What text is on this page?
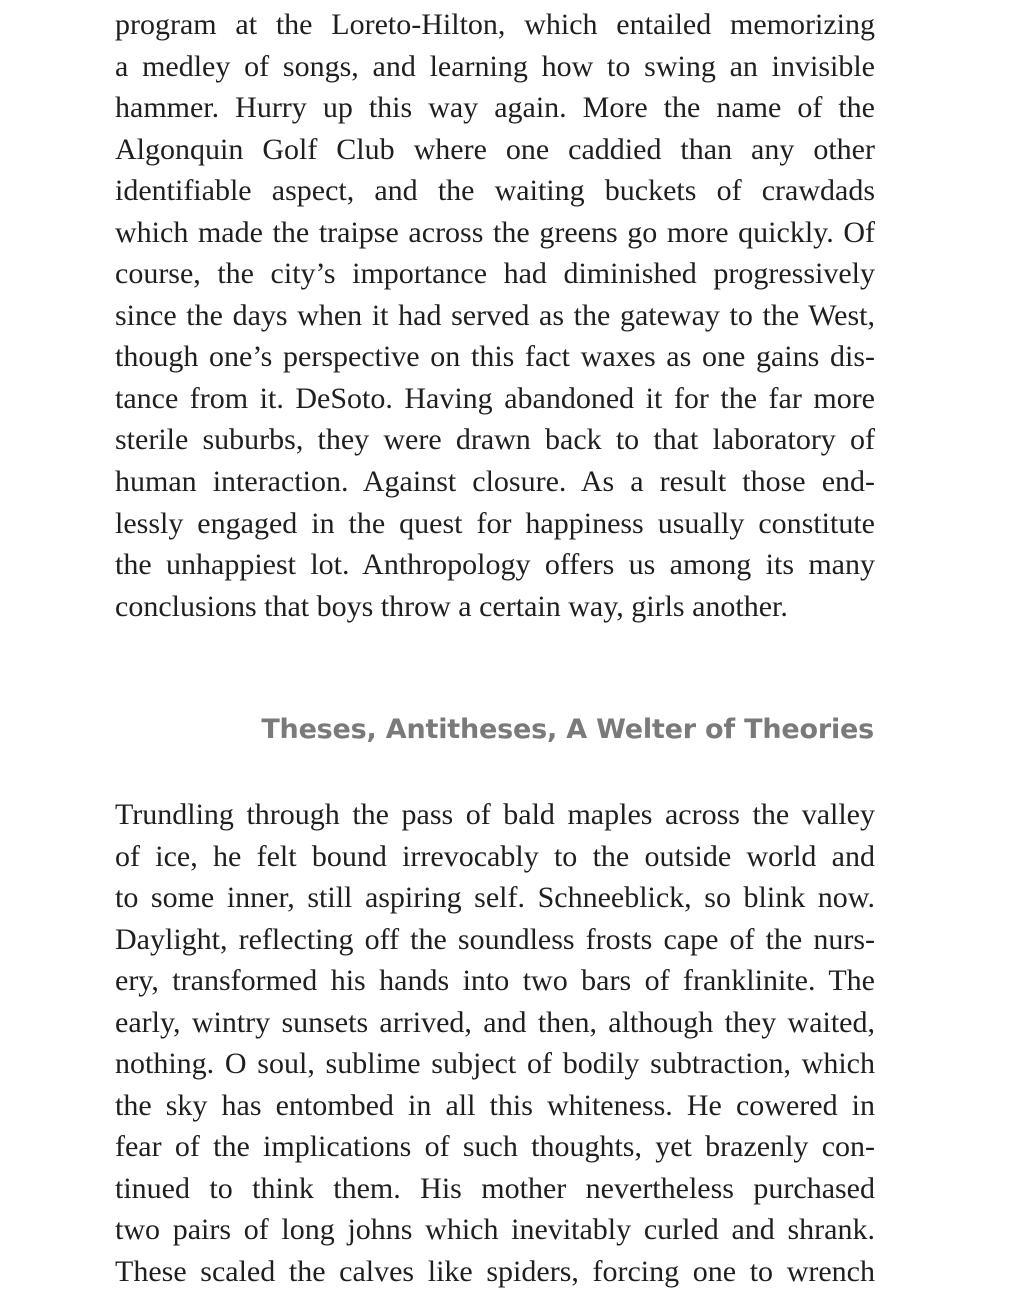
program at the Loreto-Hilton, which entailed memorizing
a medley of songs, and learning how to swing an invisible
hammer. Hurry up this way again. More the name of the
Algonquin Golf Club where one caddied than any other
identifiable aspect, and the waiting buckets of crawdads
which made the traipse across the greens go more quickly. Of
course, the city’s importance had diminished progressively
since the days when it had served as the gateway to the West,
though one’s perspective on this fact waxes as one gains dis-
tance from it. DeSoto. Having abandoned it for the far more
sterile suburbs, they were drawn back to that laboratory of
human interaction. Against closure. As a result those end-
lessly engaged in the quest for happiness usually constitute
the unhappiest lot. Anthropology offers us among its many
conclusions that boys throw a certain way, girls another.
Theses, Antitheses, A Welter of Theories
Trundling through the pass of bald maples across the valley
of ice, he felt bound irrevocably to the outside world and
to some inner, still aspiring self. Schneeblick, so blink now.
Daylight, reflecting off the soundless frosts cape of the nurs-
ery, transformed his hands into two bars of franklinite. The
early, wintry sunsets arrived, and then, although they waited,
nothing. O soul, sublime subject of bodily subtraction, which
the sky has entombed in all this whiteness. He cowered in
fear of the implications of such thoughts, yet brazenly con-
tinued to think them. His mother nevertheless purchased
two pairs of long johns which inevitably curled and shrank.
These scaled the calves like spiders, forcing one to wrench
